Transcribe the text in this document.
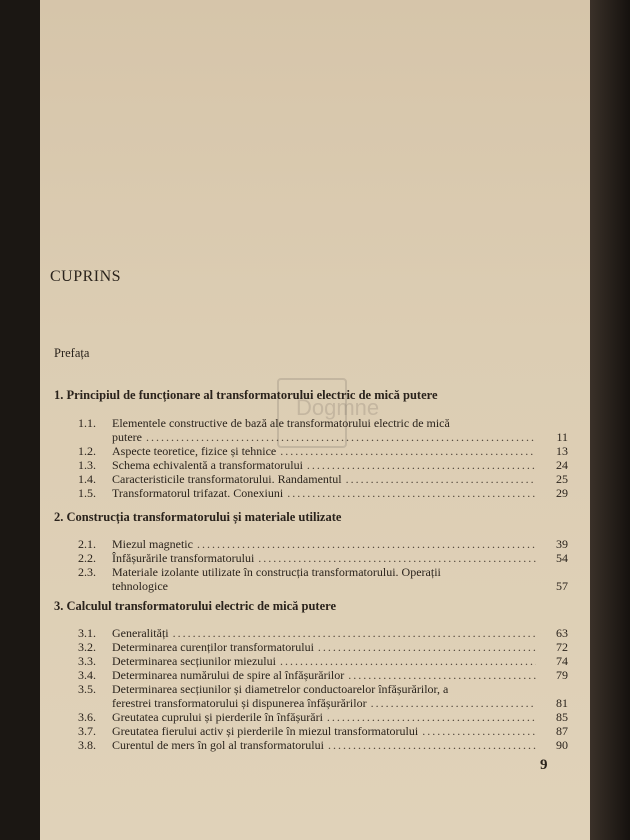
CUPRINS
Prefața
Dogmne
1. Principiul de funcționare al transformatorului electric de mică putere
1.1.	Elementele constructive de bază ale transformatorului electric de mică
putere .....	11
1.2.	Aspecte teoretice, fizice și tehnice .....	13
1.3.	Schema echivalentă a transformatorului .....	24
1.4.	Caracteristicile transformatorului. Randamentul .....	25
1.5.	Transformatorul trifazat. Conexiuni .....	29
2. Construcția transformatorului și materiale utilizate
2.1.	Miezul magnetic .....	39
2.2.	Înfășurările transformatorului .....	54
2.3.	Materiale izolante utilizate în construcția transformatorului. Operații
tehnologice	57
3. Calculul transformatorului electric de mică putere
3.1.	Generalități .....	63
3.2.	Determinarea curenților transformatorului .....	72
3.3.	Determinarea secțiunilor miezului .....	74
3.4.	Determinarea numărului de spire al înfășurărilor .....	79
3.5.	Determinarea secțiunilor și diametrelor conductoarelor înfășurărilor, a
ferestrei transformatorului și dispunerea înfășurărilor .....	81
3.6.	Greutatea cuprului și pierderile în înfășurări .....	85
3.7.	Greutatea fierului activ și pierderile în miezul transformatorului .....	87
3.8.	Curentul de mers în gol al transformatorului .....	90
9
